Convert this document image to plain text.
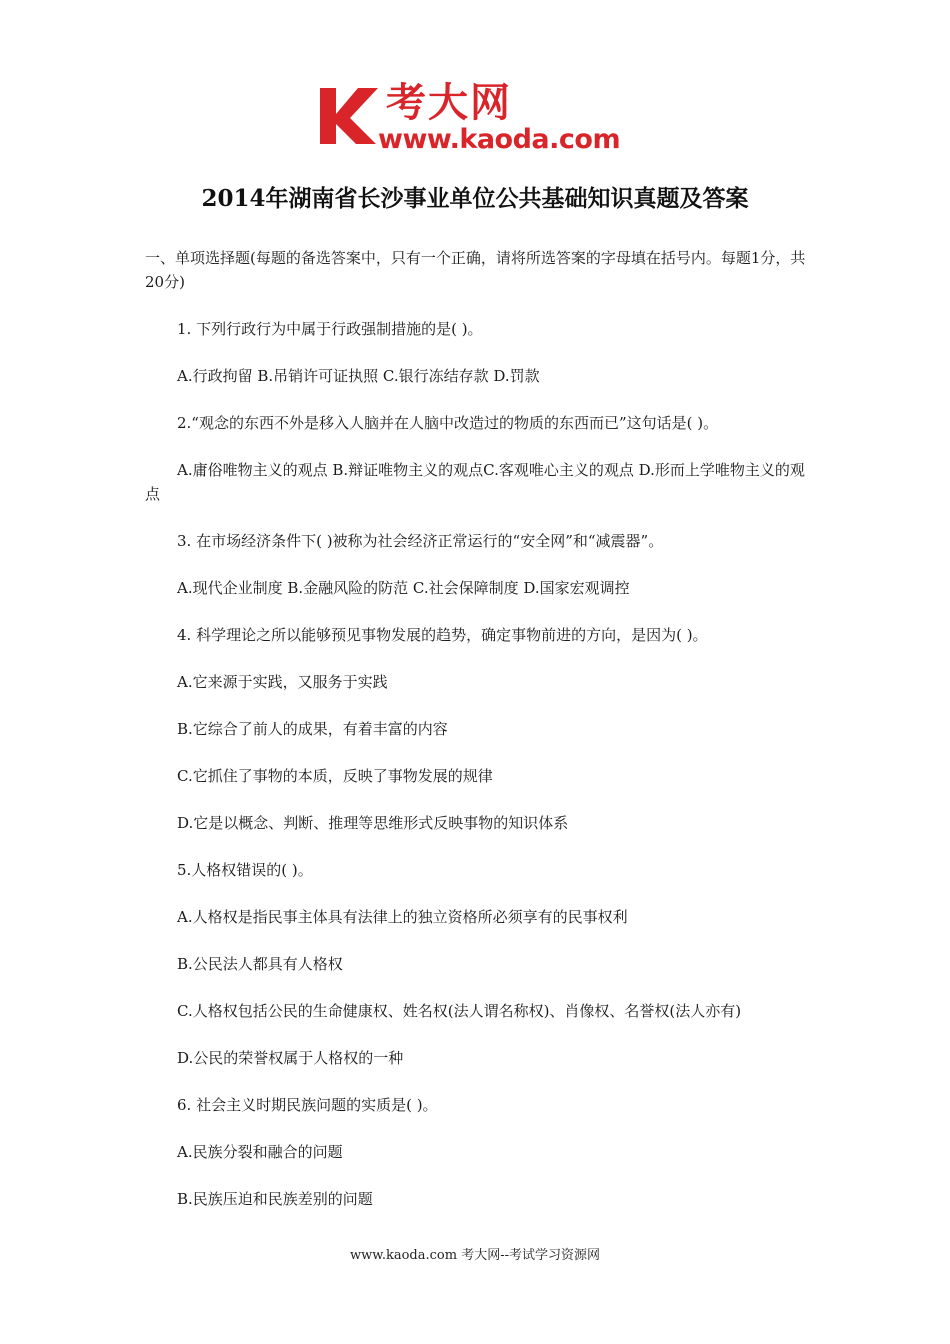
考大网
www.kaoda.com
2014年湖南省长沙事业单位公共基础知识真题及答案

一、单项选择题(每题的备选答案中，只有一个正确，请将所选答案的字母填在括号内。每题1分，共20分)

1. 下列行政行为中属于行政强制措施的是( )。

A.行政拘留 B.吊销许可证执照 C.银行冻结存款 D.罚款

2.“观念的东西不外是移入人脑并在人脑中改造过的物质的东西而已”这句话是( )。

A.庸俗唯物主义的观点 B.辩证唯物主义的观点C.客观唯心主义的观点 D.形而上学唯物主义的观点

3. 在市场经济条件下( )被称为社会经济正常运行的“安全网”和“减震器”。

A.现代企业制度 B.金融风险的防范 C.社会保障制度 D.国家宏观调控

4. 科学理论之所以能够预见事物发展的趋势，确定事物前进的方向，是因为( )。

A.它来源于实践，又服务于实践

B.它综合了前人的成果，有着丰富的内容

C.它抓住了事物的本质，反映了事物发展的规律

D.它是以概念、判断、推理等思维形式反映事物的知识体系

5.人格权错误的( )。

A.人格权是指民事主体具有法律上的独立资格所必须享有的民事权利

B.公民法人都具有人格权

C.人格权包括公民的生命健康权、姓名权(法人谓名称权)、肖像权、名誉权(法人亦有)

D.公民的荣誉权属于人格权的一种

6. 社会主义时期民族问题的实质是( )。

A.民族分裂和融合的问题

B.民族压迫和民族差别的问题

www.kaoda.com 考大网--考试学习资源网
